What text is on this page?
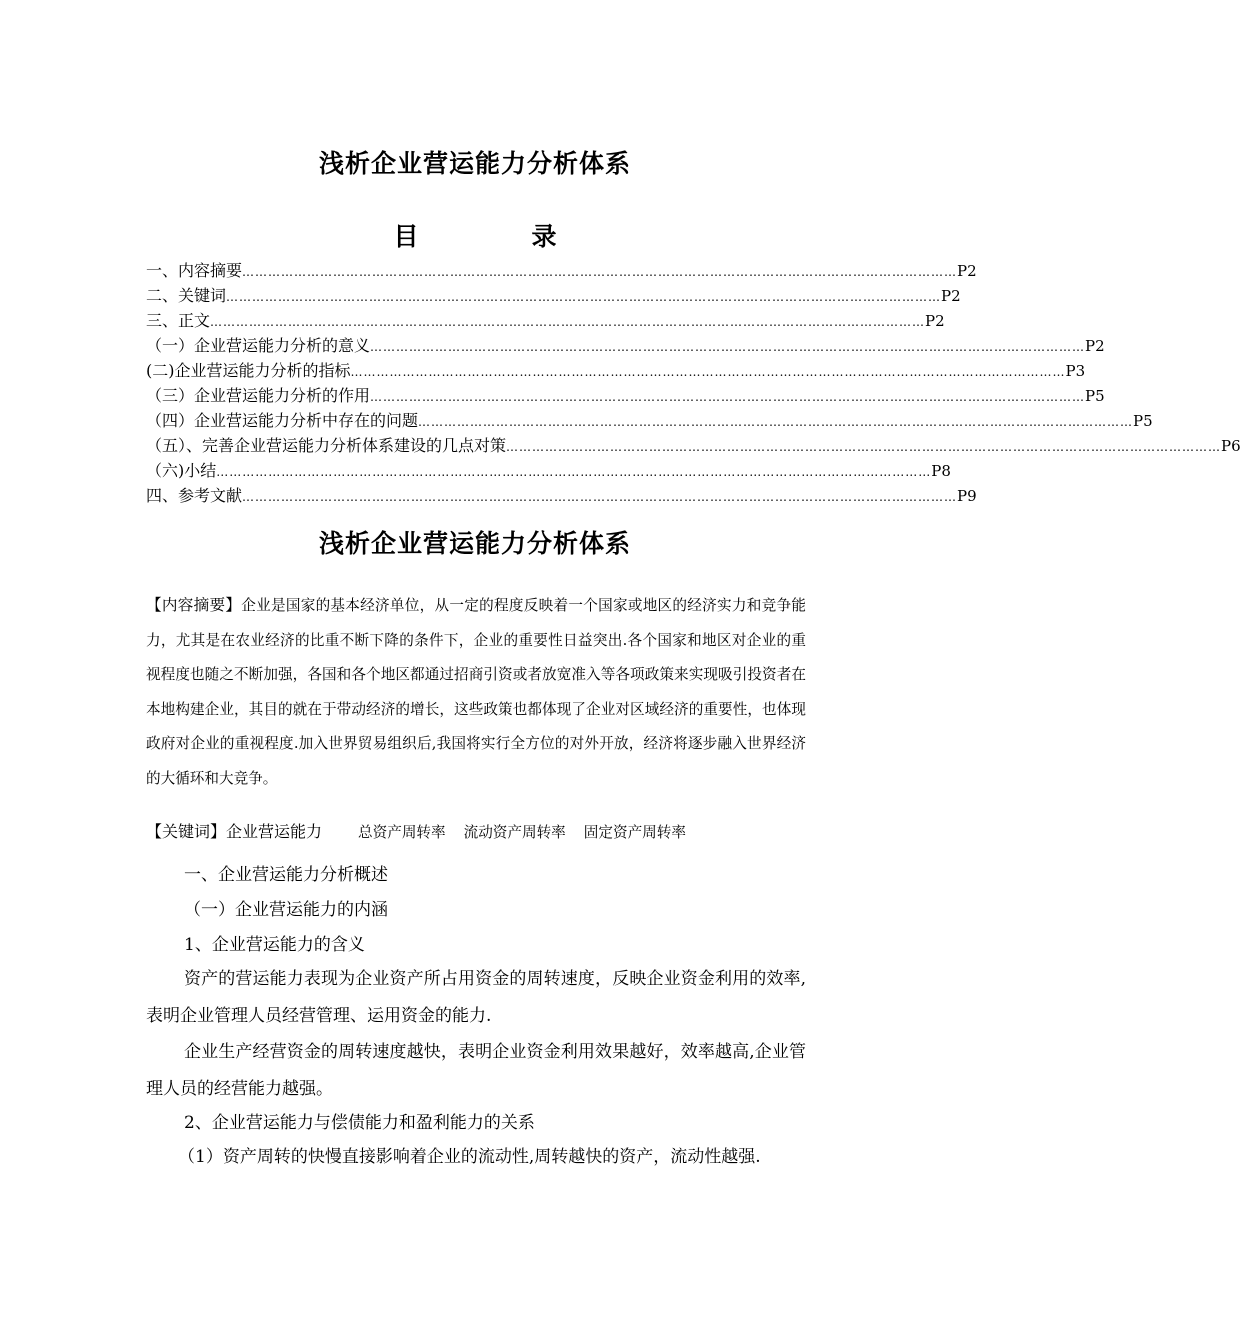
浅析企业营运能力分析体系
目　录
一、内容摘要 ………………………………………………………………………………………………………………………………………………… P2
二、关键词 ………………………………………………………………………………………………………………………………………………… P2
三、正文 ………………………………………………………………………………………………………………………………………………… P2
（一）企业营运能力分析的意义 ………………………………………………………………………………………………………………………………………………… P2
(二)企业营运能力分析的指标 ………………………………………………………………………………………………………………………………………………… P3
（三）企业营运能力分析的作用 ………………………………………………………………………………………………………………………………………………… P5
（四）企业营运能力分析中存在的问题 ………………………………………………………………………………………………………………………………………………… P5
（五）、完善企业营运能力分析体系建设的几点对策 ………………………………………………………………………………………………………………………………………………… P6
（六)小结 ………………………………………………………………………………………………………………………………………………… P8
四、参考文献 ………………………………………………………………………………………………………………………………………………… P9
浅析企业营运能力分析体系
【内容摘要】企业是国家的基本经济单位，从一定的程度反映着一个国家或地区的经济实力和竞争能力，尤其是在农业经济的比重不断下降的条件下，企业的重要性日益突出.各个国家和地区对企业的重视程度也随之不断加强，各国和各个地区都通过招商引资或者放宽准入等各项政策来实现吸引投资者在本地构建企业，其目的就在于带动经济的增长，这些政策也都体现了企业对区域经济的重要性，也体现政府对企业的重视程度.加入世界贸易组织后,我国将实行全方位的对外开放，经济将逐步融入世界经济的大循环和大竞争。
【关键词】企业营运能力 总资产周转率 流动资产周转率 固定资产周转率
一、企业营运能力分析概述
（一）企业营运能力的内涵
1、企业营运能力的含义
资产的营运能力表现为企业资产所占用资金的周转速度，反映企业资金利用的效率,表明企业管理人员经营管理、运用资金的能力.
企业生产经营资金的周转速度越快，表明企业资金利用效果越好，效率越高,企业管理人员的经营能力越强。
2、企业营运能力与偿债能力和盈利能力的关系
（1）资产周转的快慢直接影响着企业的流动性,周转越快的资产，流动性越强.
